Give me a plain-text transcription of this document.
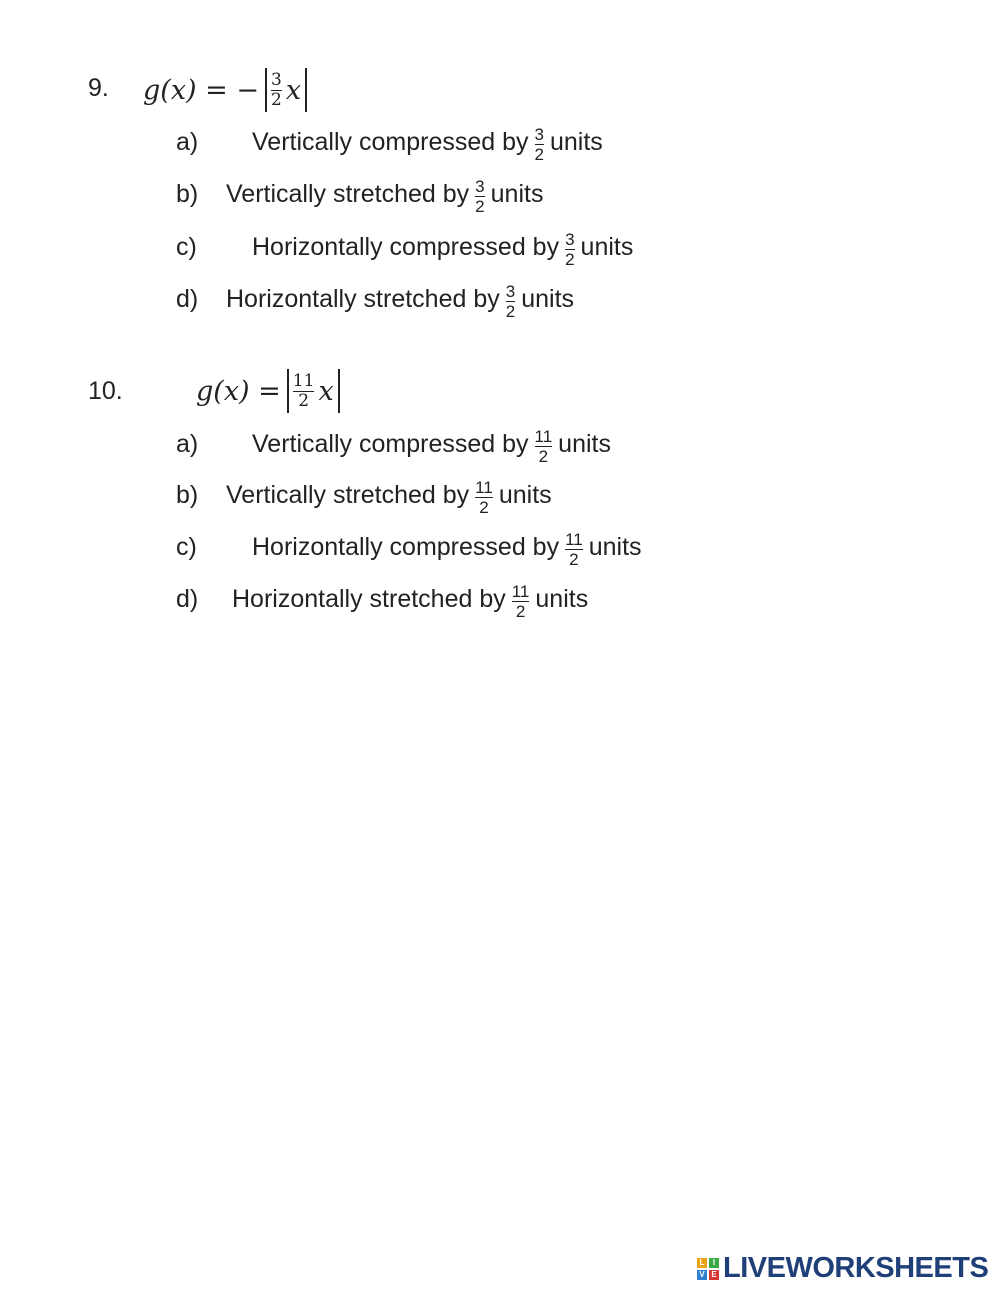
9. g(x) = − 3
2 x
a)	Vertically compressed by $\frac{3}{2}$ units
b)	Vertically stretched by $\frac{3}{2}$ units
c)	Horizontally compressed by $\frac{3}{2}$ units
d)	Horizontally stretched by $\frac{3}{2}$ units
10.	g(x) = 11
2 x
a)	Vertically compressed by $\frac{11}{2}$ units
b)	Vertically stretched by $\frac{11}{2}$ units
c)	Horizontally compressed by $\frac{11}{2}$ units
d)	Horizontally stretched by $\frac{11}{2}$ units
L	I
V E LIVEWORKSHEETS
